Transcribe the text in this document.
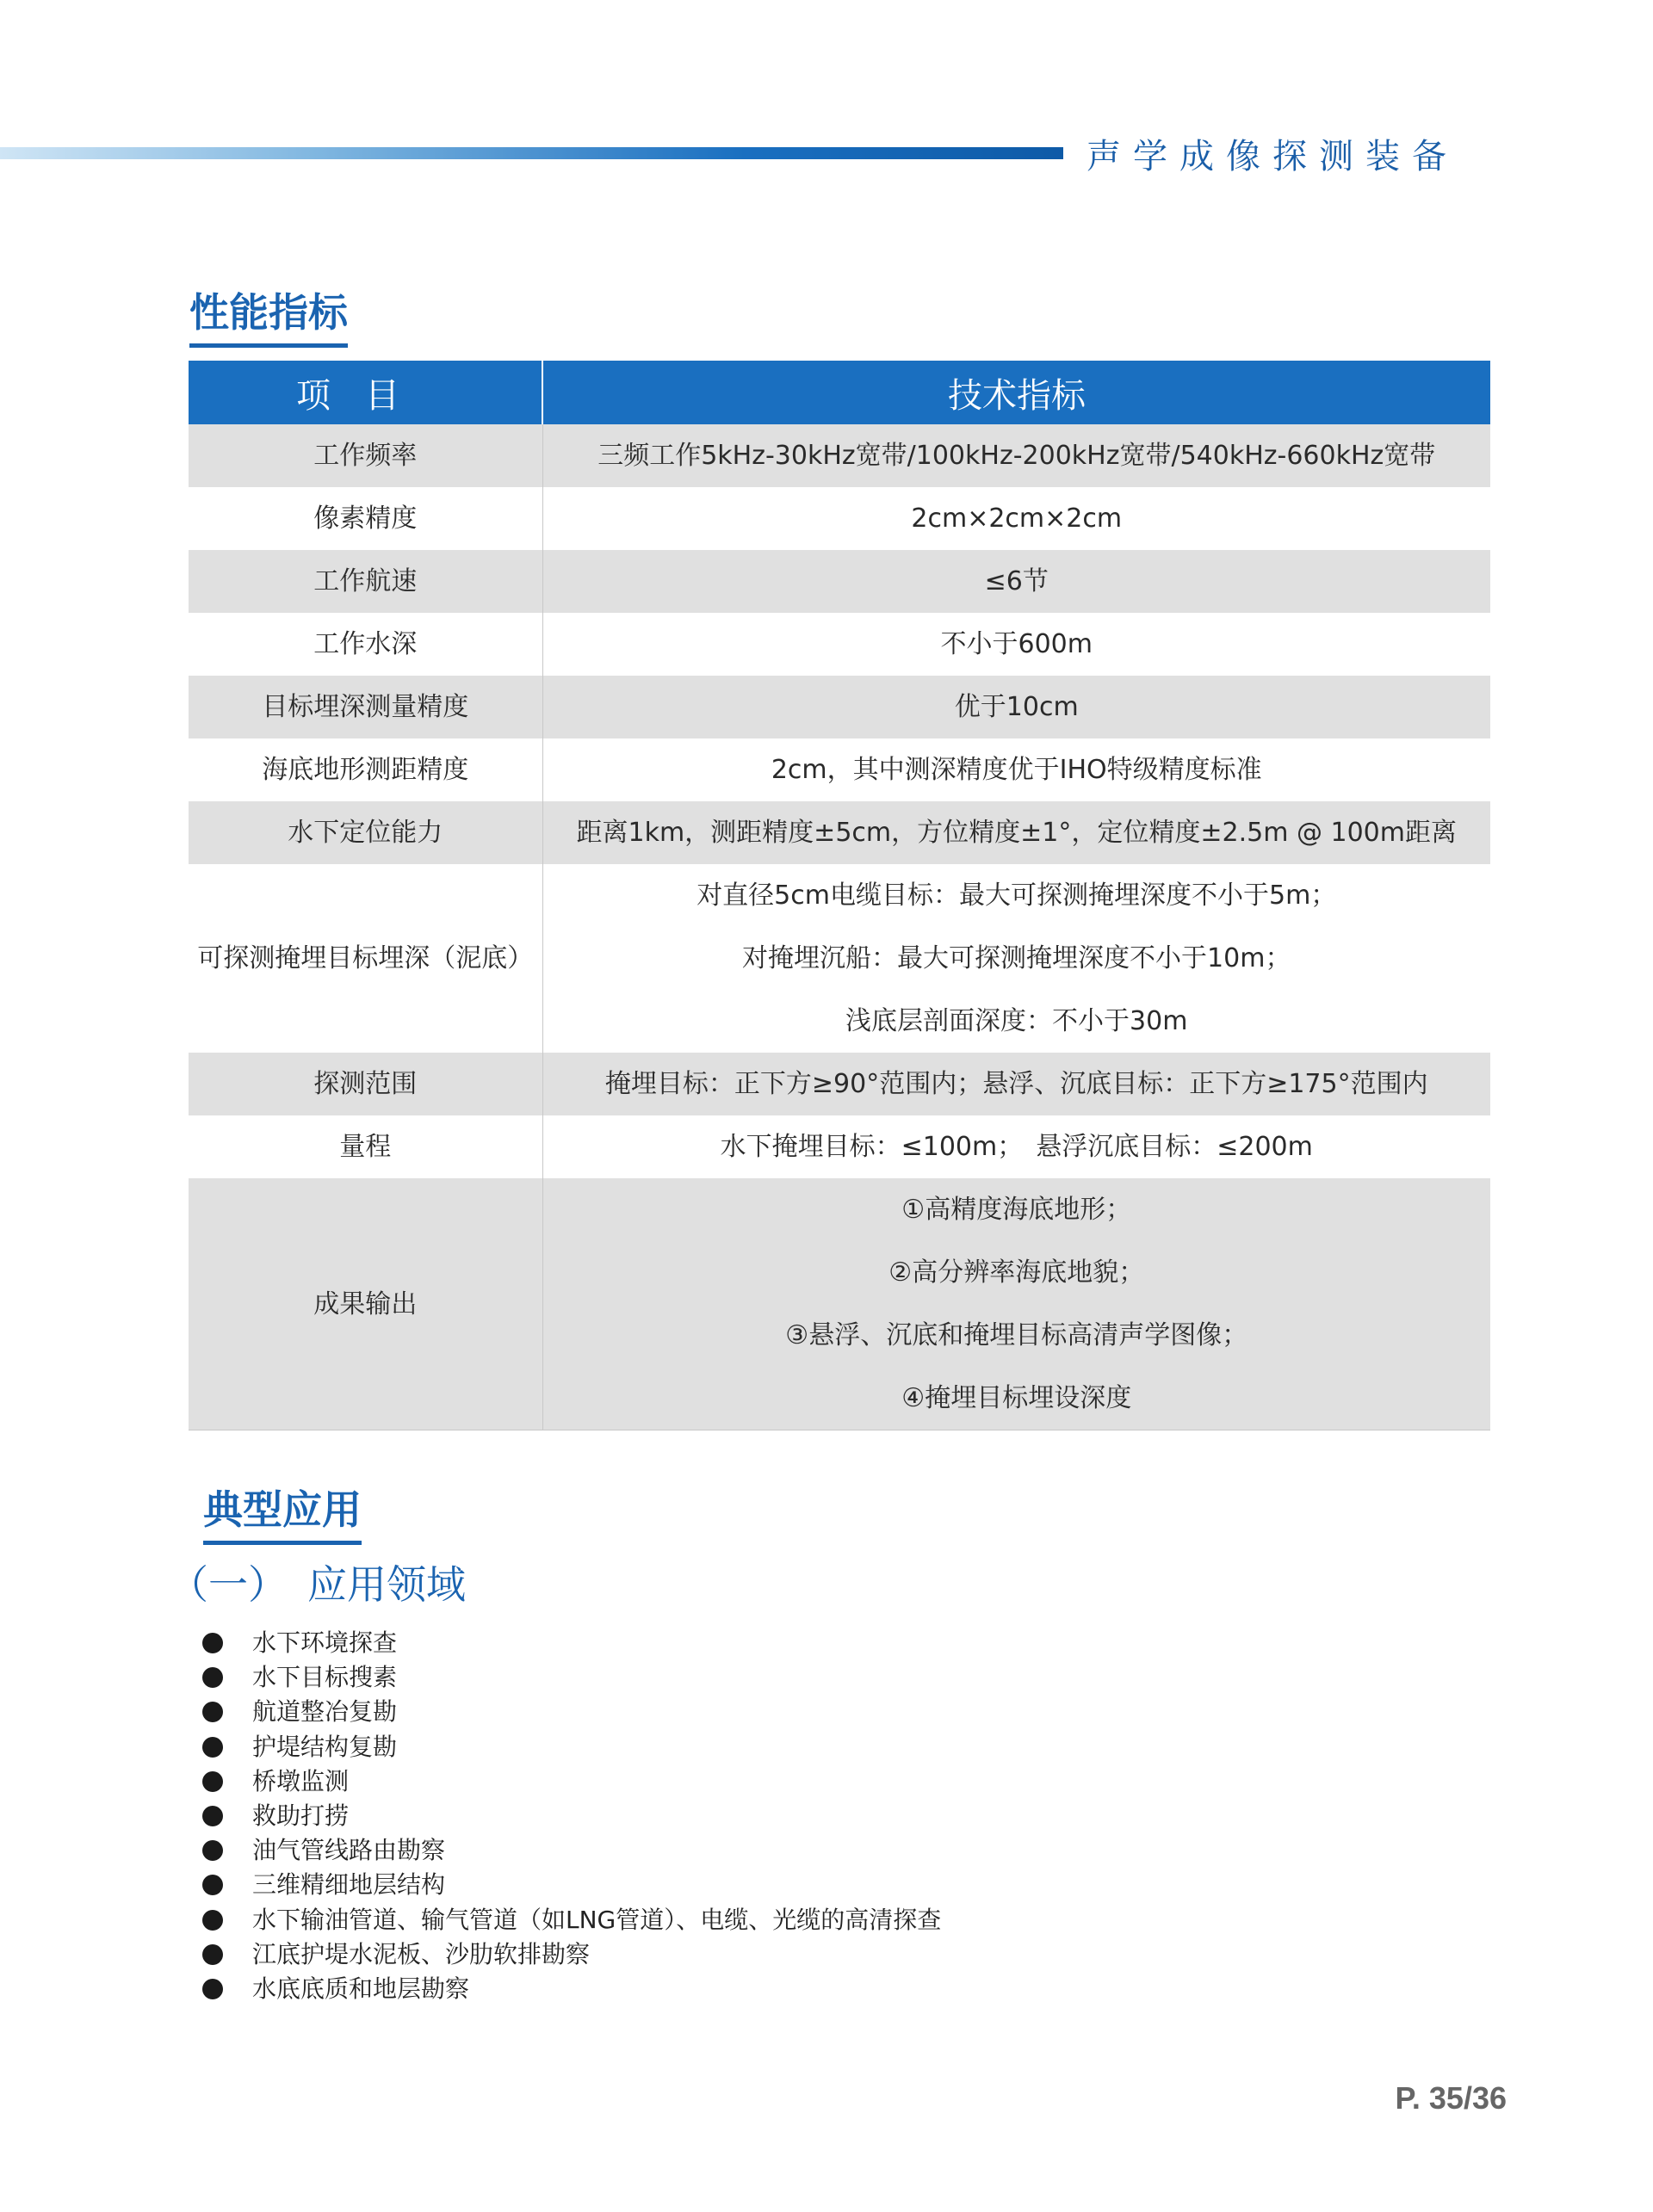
声学成像探测装备
性能指标
项目	技术指标
工作频率	三频工作5kHz-30kHz宽带/100kHz-200kHz宽带/540kHz-660kHz宽带

像素精度	2cm×2cm×2cm

工作航速	≤6节

工作水深	不小于600m

目标埋深测量精度	优于10cm

海底地形测距精度	2cm，其中测深精度优于IHO特级精度标准

水下定位能力	距离1km，测距精度±5cm，方位精度±1°，定位精度±2.5m @ 100m距离

可探测掩埋目标埋深（泥底）	对直径5cm电缆目标：最大可探测掩埋深度不小于5m；
对掩埋沉船：最大可探测掩埋深度不小于10m；
浅底层剖面深度：不小于30m

探测范围	掩埋目标：正下方≥90°范围内；悬浮、沉底目标：正下方≥175°范围内

量程	水下掩埋目标：≤100m；　悬浮沉底目标：≤200m

成果输出	①高精度海底地形；
②高分辨率海底地貌；
③悬浮、沉底和掩埋目标高清声学图像；
④掩埋目标埋设深度
典型应用
（一）　应用领域
水下环境探查
水下目标搜素
航道整冶复勘
护堤结构复勘
桥墩监测
救助打捞
油气管线路由勘察
三维精细地层结构
水下输油管道、输气管道（如LNG管道）、电缆、光缆的高清探查
江底护堤水泥板、沙肋软排勘察
水底底质和地层勘察
P. 35/36
